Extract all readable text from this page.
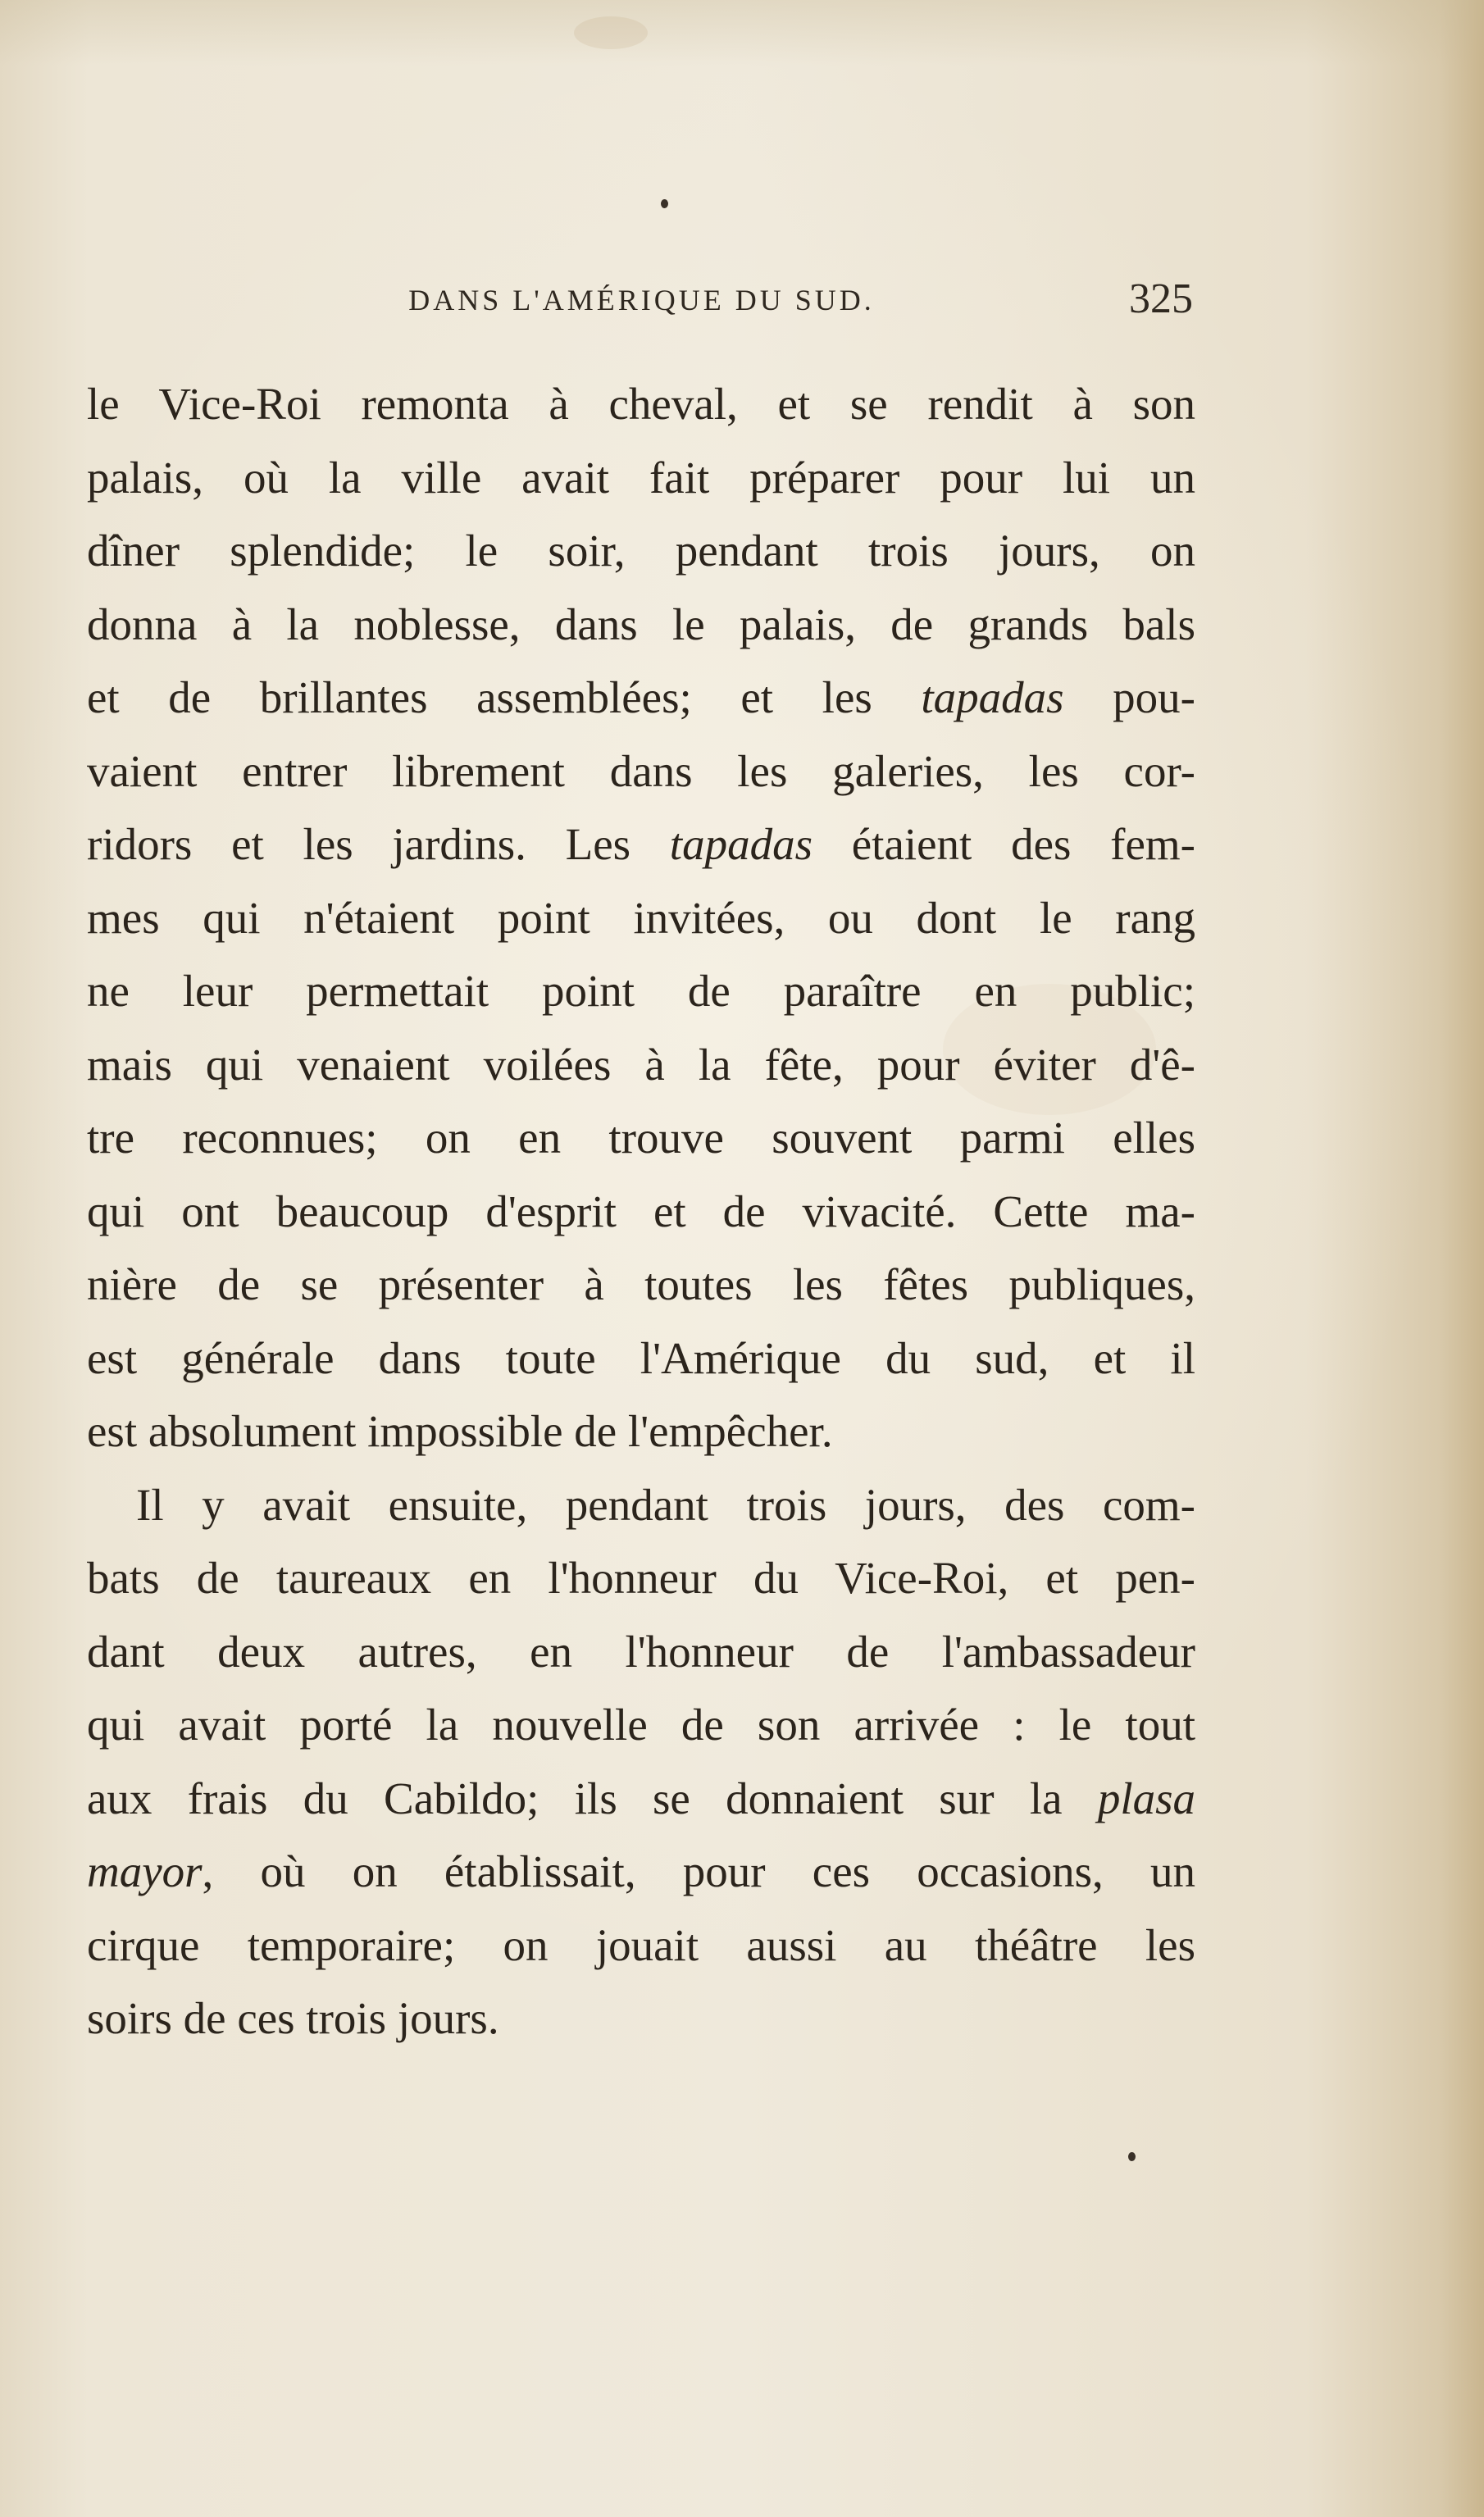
DANS L'AMÉRIQUE DU SUD.	325
le Vice-Roi remonta à cheval, et se rendit à son
palais, où la ville avait fait préparer pour lui un
dîner splendide; le soir, pendant trois jours, on
donna à la noblesse, dans le palais, de grands bals
et de brillantes assemblées; et les tapadas pou-
vaient entrer librement dans les galeries, les cor-
ridors et les jardins. Les tapadas étaient des fem-
mes qui n'étaient point invitées, ou dont le rang
ne leur permettait point de paraître en public;
mais qui venaient voilées à la fête, pour éviter d'ê-
tre reconnues; on en trouve souvent parmi elles
qui ont beaucoup d'esprit et de vivacité. Cette ma-
nière de se présenter à toutes les fêtes publiques,
est générale dans toute l'Amérique du sud, et il
est absolument impossible de l'empêcher.
Il y avait ensuite, pendant trois jours, des com-
bats de taureaux en l'honneur du Vice-Roi, et pen-
dant deux autres, en l'honneur de l'ambassadeur
qui avait porté la nouvelle de son arrivée : le tout
aux frais du Cabildo; ils se donnaient sur la plasa
mayor, où on établissait, pour ces occasions, un
cirque temporaire; on jouait aussi au théâtre les
soirs de ces trois jours.
